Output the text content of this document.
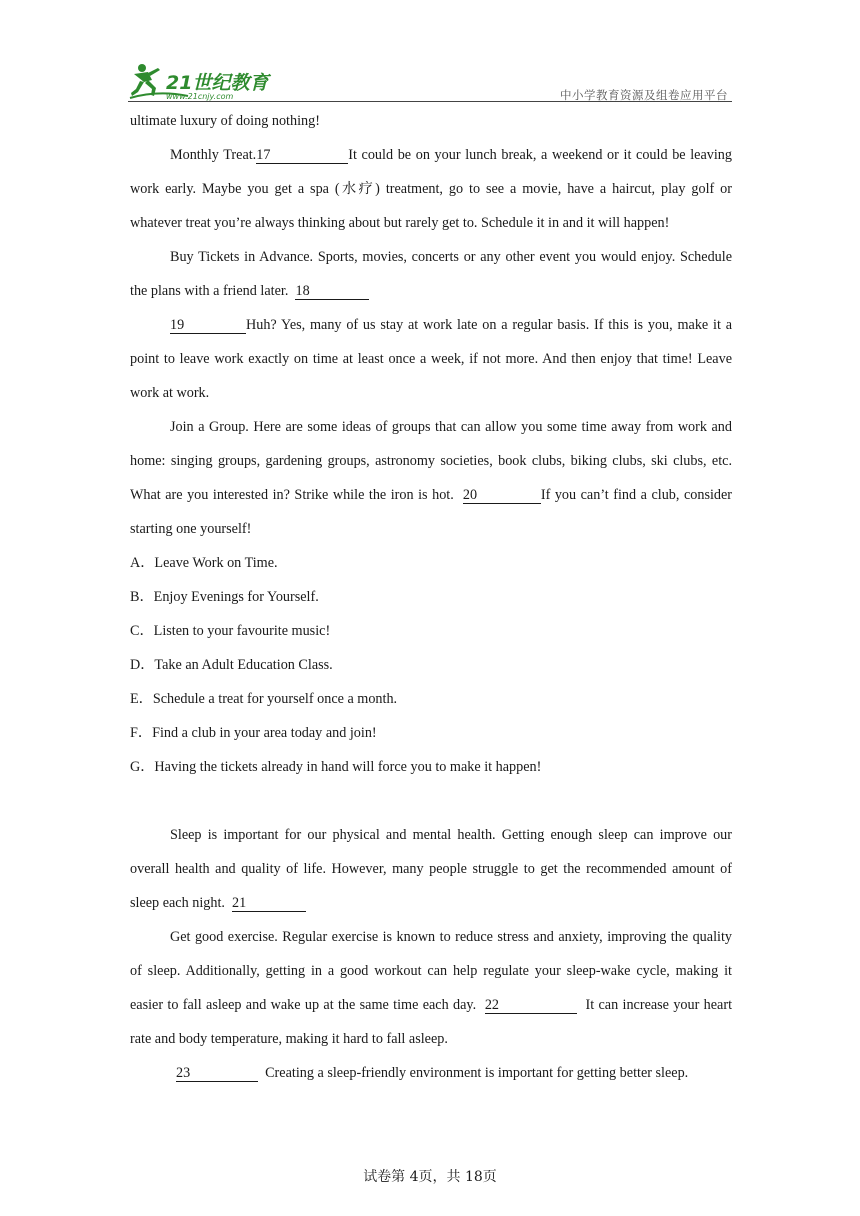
21世纪教育
www.21cnjy.com	中小学教育资源及组卷应用平台

ultimate luxury of doing nothing!

Monthly Treat.17	It could be on your lunch break, a weekend or it could be leaving work early. Maybe you get a spa (水疗) treatment, go to see a movie, have a haircut, play golf or whatever treat you’re always thinking about but rarely get to. Schedule it in and it will happen!

Buy Tickets in Advance. Sports, movies, concerts or any other event you would enjoy. Schedule the plans with a friend later. 18

19	Huh? Yes, many of us stay at work late on a regular basis. If this is you, make it a point to leave work exactly on time at least once a week, if not more. And then enjoy that time! Leave work at work.

Join a Group. Here are some ideas of groups that can allow you some time away from work and home: singing groups, gardening groups, astronomy societies, book clubs, biking clubs, ski clubs, etc. What are you interested in? Strike while the iron is hot. 20	If you can’t find a club, consider starting one yourself!

A．Leave Work on Time.

B．Enjoy Evenings for Yourself.

C．Listen to your favourite music!

D．Take an Adult Education Class.

E．Schedule a treat for yourself once a month.

F．Find a club in your area today and join!

G．Having the tickets already in hand will force you to make it happen!

Sleep is important for our physical and mental health. Getting enough sleep can improve our overall health and quality of life. However, many people struggle to get the recommended amount of sleep each night. 21

Get good exercise. Regular exercise is known to reduce stress and anxiety, improving the quality of sleep. Additionally, getting in a good workout can help regulate your sleep-wake cycle, making it easier to fall asleep and wake up at the same time each day. 22	It can increase your heart rate and body temperature, making it hard to fall asleep.

23	Creating a sleep-friendly environment is important for getting better sleep.

试卷第 4页，共 18页
